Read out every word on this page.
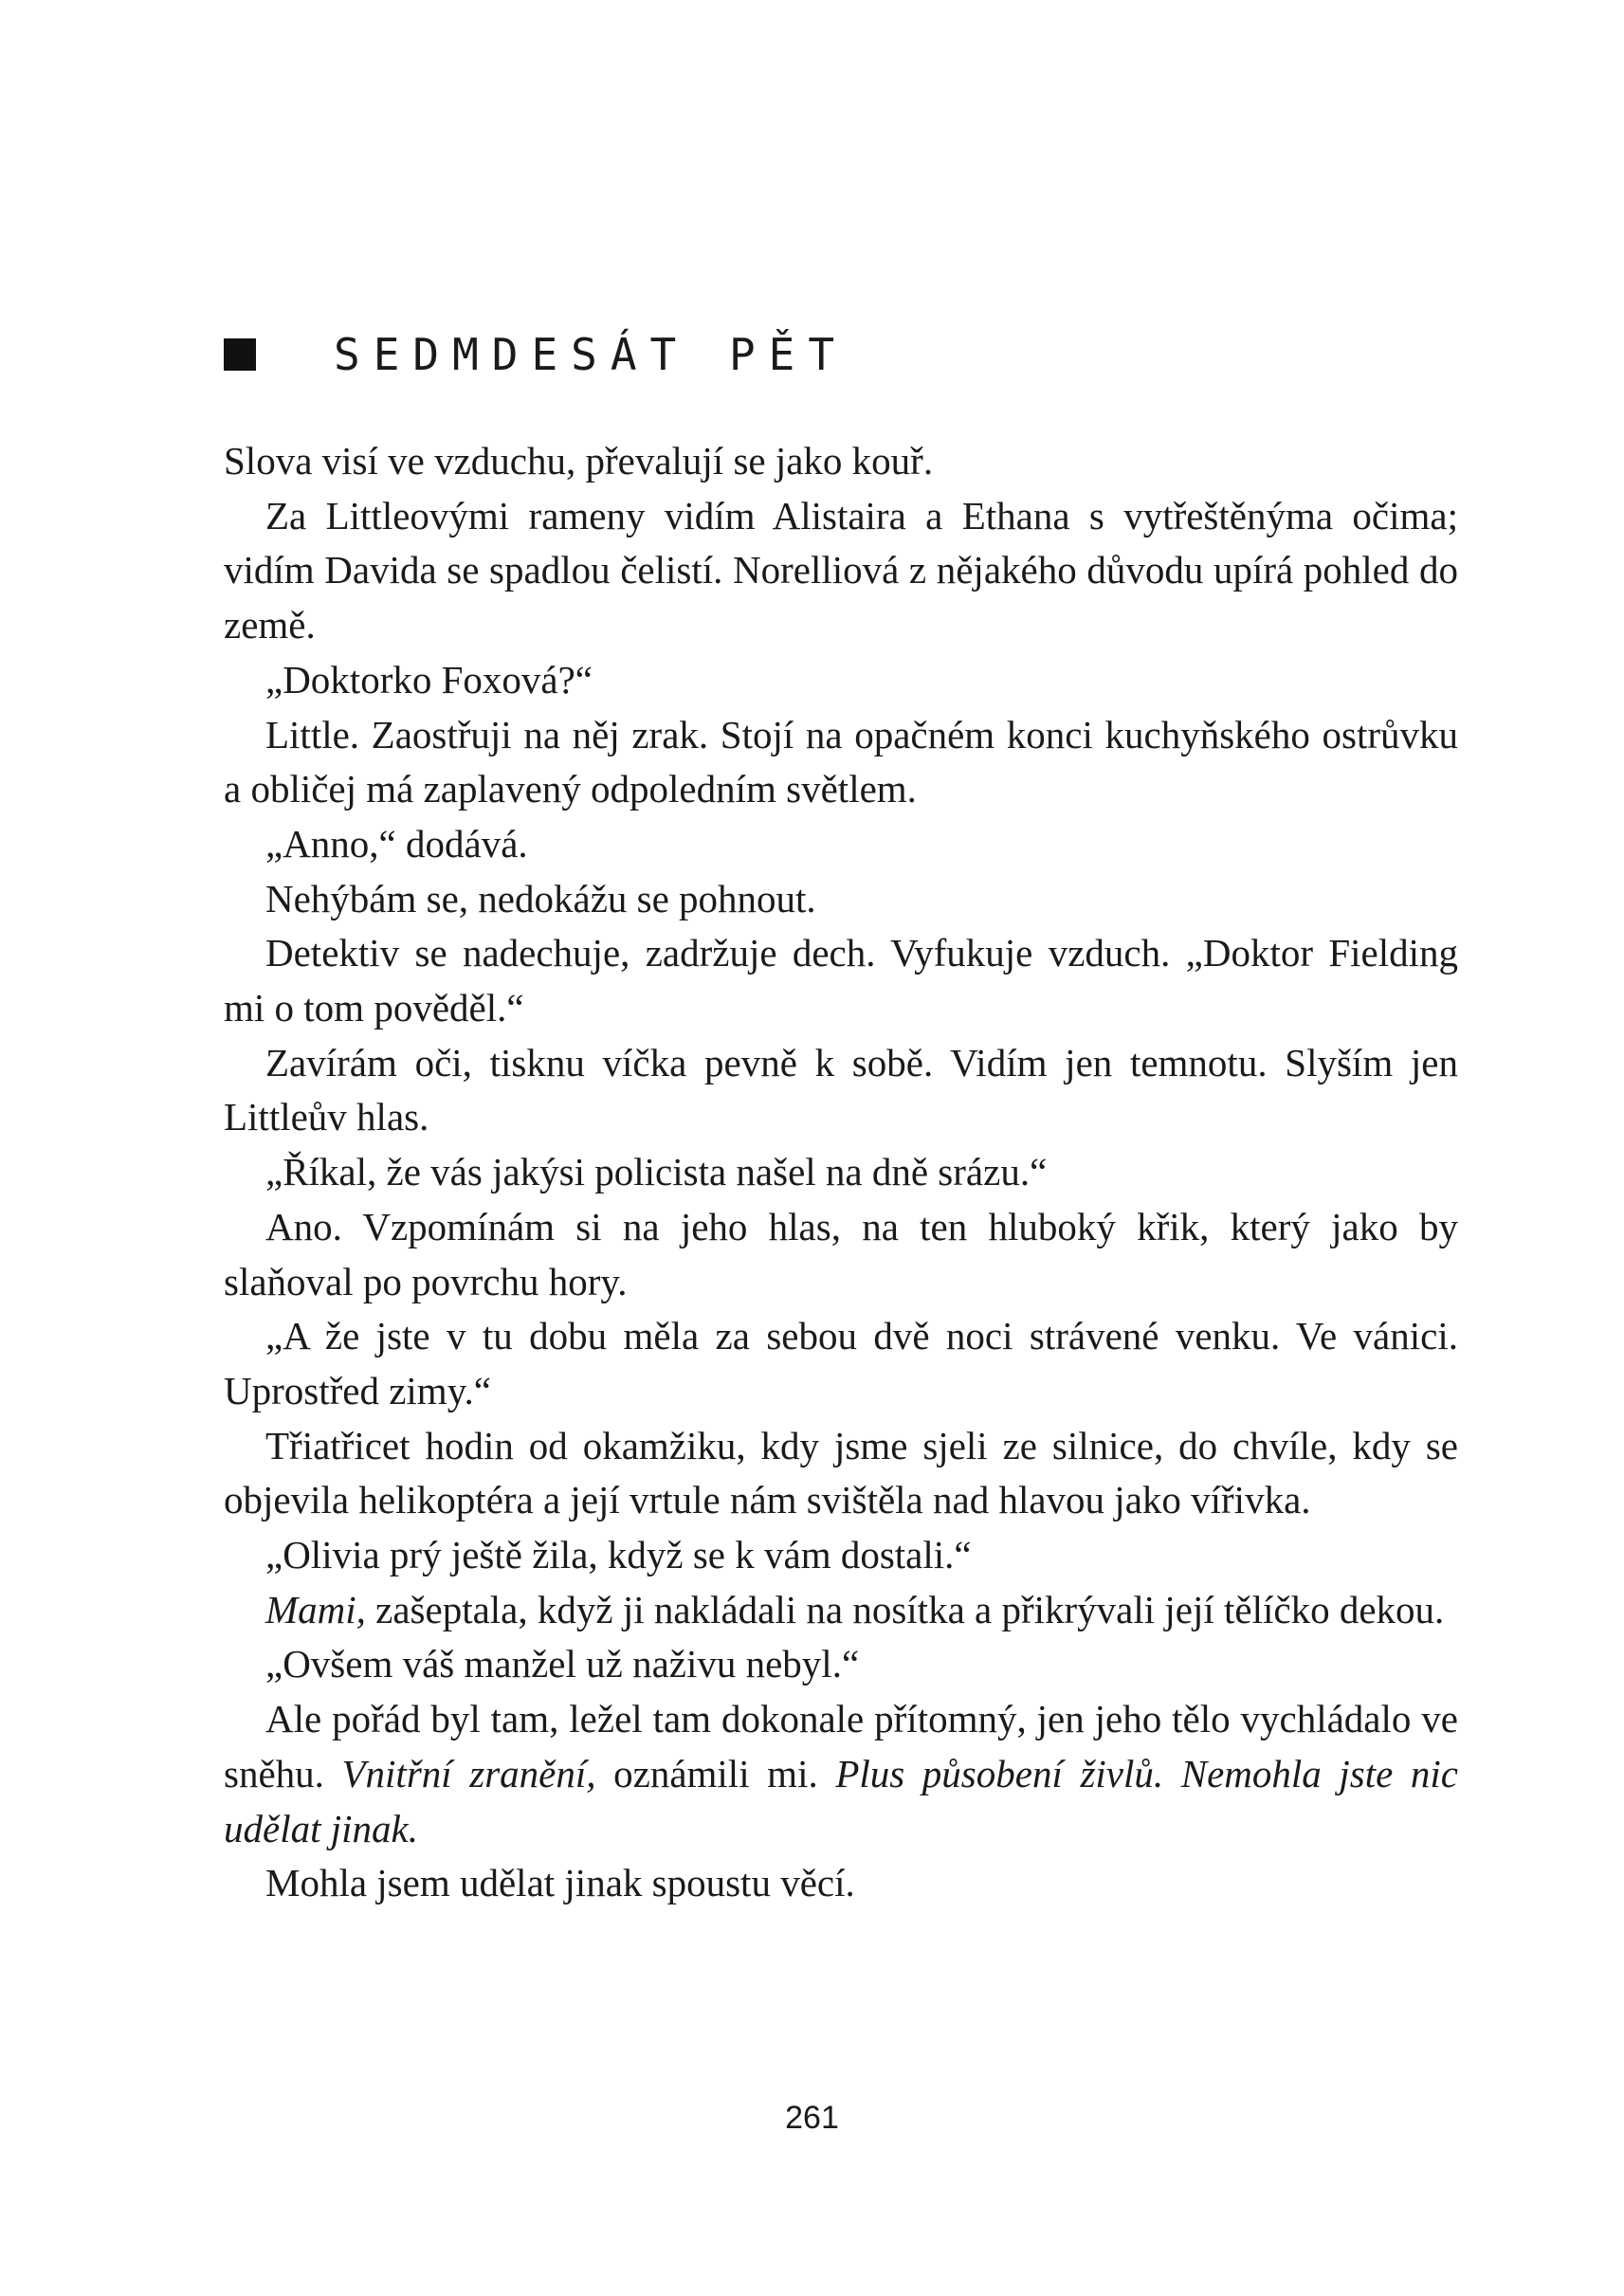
SEDMDESÁT PĚT

Slova visí ve vzduchu, převalují se jako kouř.

Za Littleovými rameny vidím Alistaira a Ethana s vytřeštěnýma očima; vidím Davida se spadlou čelistí. Norelliová z nějakého důvodu upírá pohled do země.

„Doktorko Foxová?“

Little. Zaostřuji na něj zrak. Stojí na opačném konci kuchyňského ostrůvku a obličej má zaplavený odpoledním světlem.

„Anno,“ dodává.

Nehýbám se, nedokážu se pohnout.

Detektiv se nadechuje, zadržuje dech. Vyfukuje vzduch. „Doktor Fielding mi o tom pověděl.“

Zavírám oči, tisknu víčka pevně k sobě. Vidím jen temnotu. Slyším jen Littleův hlas.

„Říkal, že vás jakýsi policista našel na dně srázu.“

Ano. Vzpomínám si na jeho hlas, na ten hluboký křik, který jako by slaňoval po povrchu hory.

„A že jste v tu dobu měla za sebou dvě noci strávené venku. Ve vánici. Uprostřed zimy.“

Třiatřicet hodin od okamžiku, kdy jsme sjeli ze silnice, do chvíle, kdy se objevila helikoptéra a její vrtule nám svištěla nad hlavou jako vířivka.

„Olivia prý ještě žila, když se k vám dostali.“

Mami, zašeptala, když ji nakládali na nosítka a přikrývali její tělíčko dekou.

„Ovšem váš manžel už naživu nebyl.“

Ale pořád byl tam, ležel tam dokonale přítomný, jen jeho tělo vychládalo ve sněhu. Vnitřní zranění, oznámili mi. Plus působení živlů. Nemohla jste nic udělat jinak.

Mohla jsem udělat jinak spoustu věcí.

261
